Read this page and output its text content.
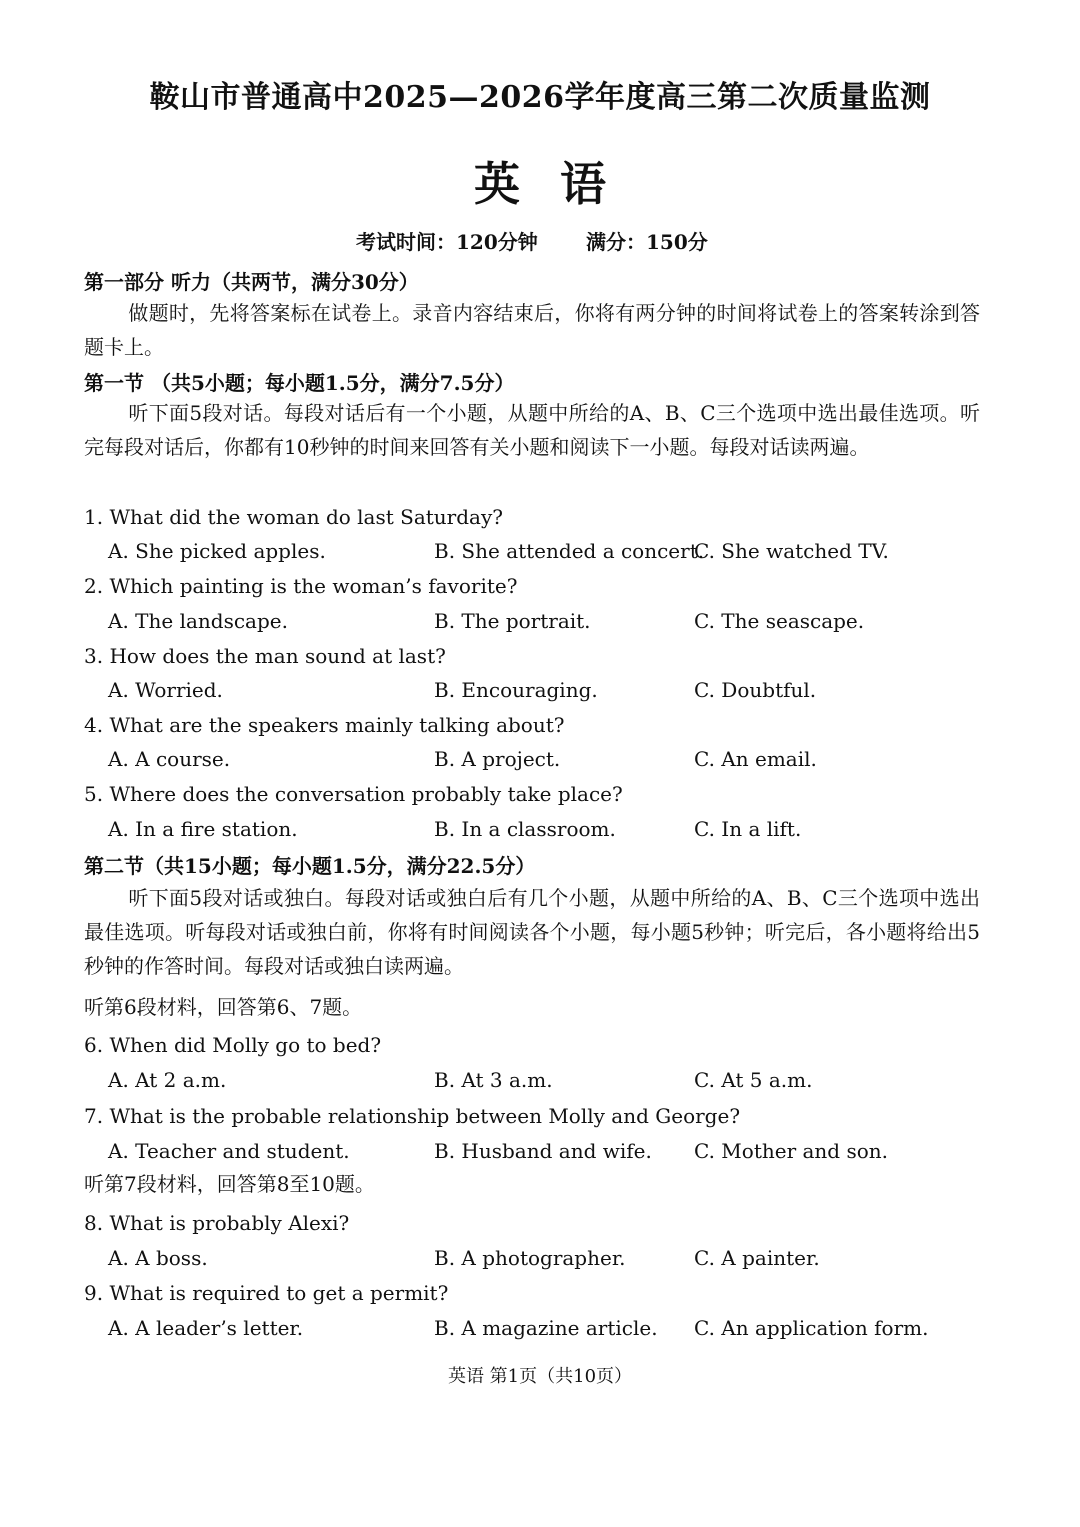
鞍山市普通高中2025—2026学年度高三第二次质量监测
英语
考试时间：120分钟 满分：150分
第一部分 听力（共两节，满分30分）
做题时，先将答案标在试卷上。录音内容结束后，你将有两分钟的时间将试卷上的答案转涂到答题卡上。
第一节 （共5小题；每小题1.5分，满分7.5分）
听下面5段对话。每段对话后有一个小题，从题中所给的A、B、C三个选项中选出最佳选项。听完每段对话后，你都有10秒钟的时间来回答有关小题和阅读下一小题。每段对话读两遍。
1. What did the woman do last Saturday?
A. She picked apples.	B. She attended a concert.
C. She watched TV.
2. Which painting is the woman’s favorite?
A. The landscape.	B. The portrait.	C. The seascape.
3. How does the man sound at last?
A. Worried.	B. Encouraging.	C. Doubtful.
4. What are the speakers mainly talking about?
A. A course.	B. A project.	C. An email.
5. Where does the conversation probably take place?
A. In a fire station.	B. In a classroom.	C. In a lift.
第二节（共15小题；每小题1.5分，满分22.5分）
听下面5段对话或独白。每段对话或独白后有几个小题，从题中所给的A、B、C三个选项中选出最佳选项。听每段对话或独白前，你将有时间阅读各个小题，每小题5秒钟；听完后，各小题将给出5秒钟的作答时间。每段对话或独白读两遍。
听第6段材料，回答第6、7题。
6. When did Molly go to bed?
A. At 2 a.m.	B. At 3 a.m.	C. At 5 a.m.
7. What is the probable relationship between Molly and George?
A. Teacher and student.	B. Husband and wife. C. Mother and son.
听第7段材料，回答第8至10题。
8. What is probably Alexi?
A. A boss.	B. A photographer.	C. A painter.
9. What is required to get a permit?
A. A leader’s letter.	B. A magazine article. C. An application form.
英语 第1页（共10页）
